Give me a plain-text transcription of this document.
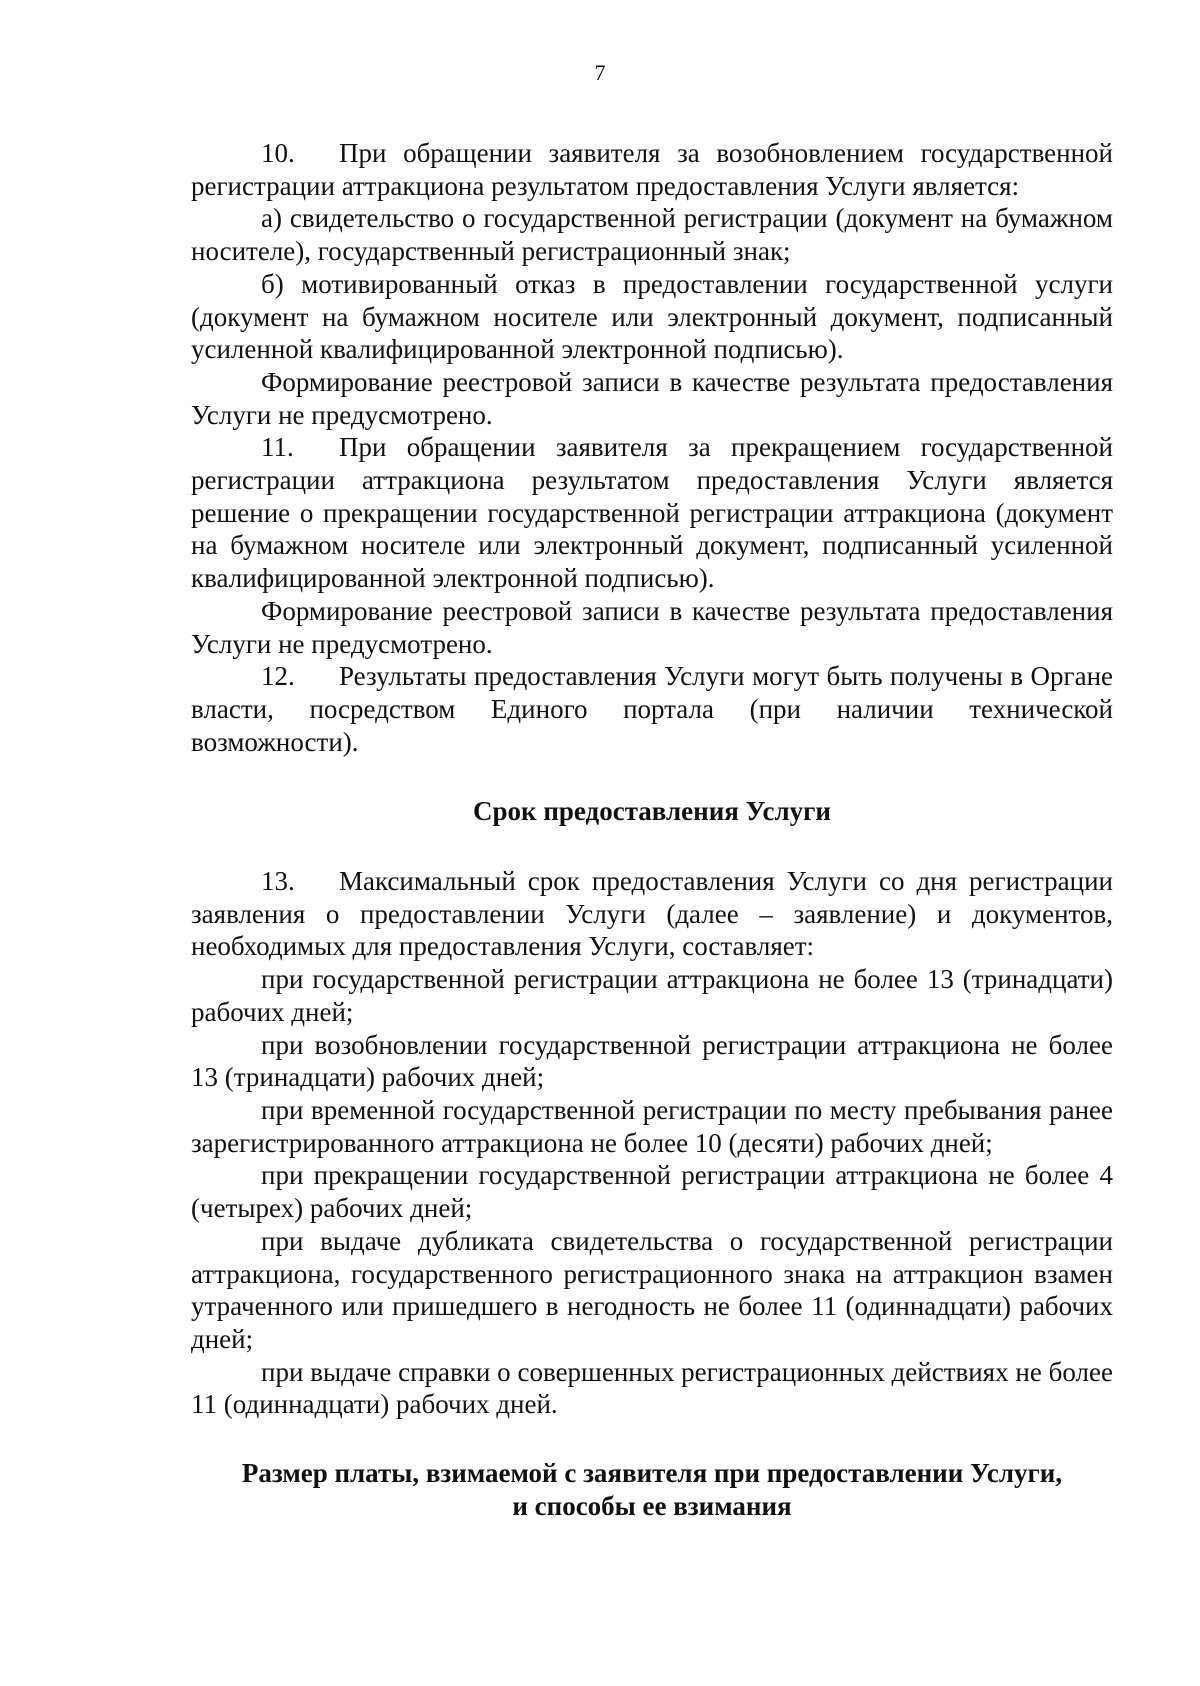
7

10. При обращении заявителя за возобновлением государственной регистрации аттракциона результатом предоставления Услуги является:

а) свидетельство о государственной регистрации (документ на бумажном носителе), государственный регистрационный знак;

б) мотивированный отказ в предоставлении государственной услуги (документ на бумажном носителе или электронный документ, подписанный усиленной квалифицированной электронной подписью).

Формирование реестровой записи в качестве результата предоставления Услуги не предусмотрено.

11. При обращении заявителя за прекращением государственной регистрации аттракциона результатом предоставления Услуги является решение о прекращении государственной регистрации аттракциона (документ на бумажном носителе или электронный документ, подписанный усиленной квалифицированной электронной подписью).

Формирование реестровой записи в качестве результата предоставления Услуги не предусмотрено.

12. Результаты предоставления Услуги могут быть получены в Органе власти, посредством Единого портала (при наличии технической возможности).

Срок предоставления Услуги

13. Максимальный срок предоставления Услуги со дня регистрации заявления о предоставлении Услуги (далее – заявление) и документов, необходимых для предоставления Услуги, составляет:

при государственной регистрации аттракциона не более 13 (тринадцати) рабочих дней;

при возобновлении государственной регистрации аттракциона не более 13 (тринадцати) рабочих дней;

при временной государственной регистрации по месту пребывания ранее зарегистрированного аттракциона не более 10 (десяти) рабочих дней;

при прекращении государственной регистрации аттракциона не более 4 (четырех) рабочих дней;

при выдаче дубликата свидетельства о государственной регистрации аттракциона, государственного регистрационного знака на аттракцион взамен утраченного или пришедшего в негодность не более 11 (одиннадцати) рабочих дней;

при выдаче справки о совершенных регистрационных действиях не более 11 (одиннадцати) рабочих дней.

Размер платы, взимаемой с заявителя при предоставлении Услуги,
и способы ее взимания
